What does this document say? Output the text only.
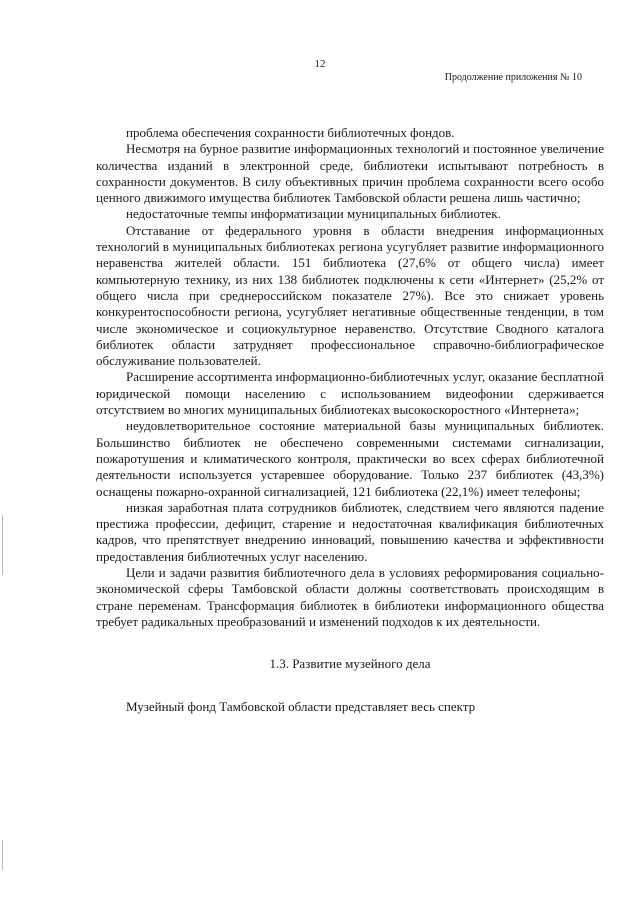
12
Продолжение приложения № 10

проблема обеспечения сохранности библиотечных фондов.

Несмотря на бурное развитие информационных технологий и постоянное увеличение количества изданий в электронной среде, библиотеки испытывают потребность в сохранности документов. В силу объективных причин проблема сохранности всего особо ценного движимого имущества библиотек Тамбовской области решена лишь частично;

недостаточные темпы информатизации муниципальных библиотек.

Отставание от федерального уровня в области внедрения информационных технологий в муниципальных библиотеках региона усугубляет развитие информационного неравенства жителей области. 151 библиотека (27,6% от общего числа) имеет компьютерную технику, из них 138 библиотек подключены к сети «Интернет» (25,2% от общего числа при среднероссийском показателе 27%). Все это снижает уровень конкурентоспособности региона, усугубляет негативные общественные тенденции, в том числе экономическое и социокультурное неравенство. Отсутствие Сводного каталога библиотек области затрудняет профессиональное справочно-библиографическое обслуживание пользователей.

Расширение ассортимента информационно-библиотечных услуг, оказание бесплатной юридической помощи населению с использованием видеофонии сдерживается отсутствием во многих муниципальных библиотеках высокоскоростного «Интернета»;

неудовлетворительное состояние материальной базы муниципальных библиотек. Большинство библиотек не обеспечено современными системами сигнализации, пожаротушения и климатического контроля, практически во всех сферах библиотечной деятельности используется устаревшее оборудование. Только 237 библиотек (43,3%) оснащены пожарно-охранной сигнализацией, 121 библиотека (22,1%) имеет телефоны;

низкая заработная плата сотрудников библиотек, следствием чего являются падение престижа профессии, дефицит, старение и недостаточная квалификация библиотечных кадров, что препятствует внедрению инноваций, повышению качества и эффективности предоставления библиотечных услуг населению.

Цели и задачи развития библиотечного дела в условиях реформирования социально-экономической сферы Тамбовской области должны соответствовать происходящим в стране переменам. Трансформация библиотек в библиотеки информационного общества требует радикальных преобразований и изменений подходов к их деятельности.

1.3. Развитие музейного дела

Музейный фонд Тамбовской области представляет весь спектр
